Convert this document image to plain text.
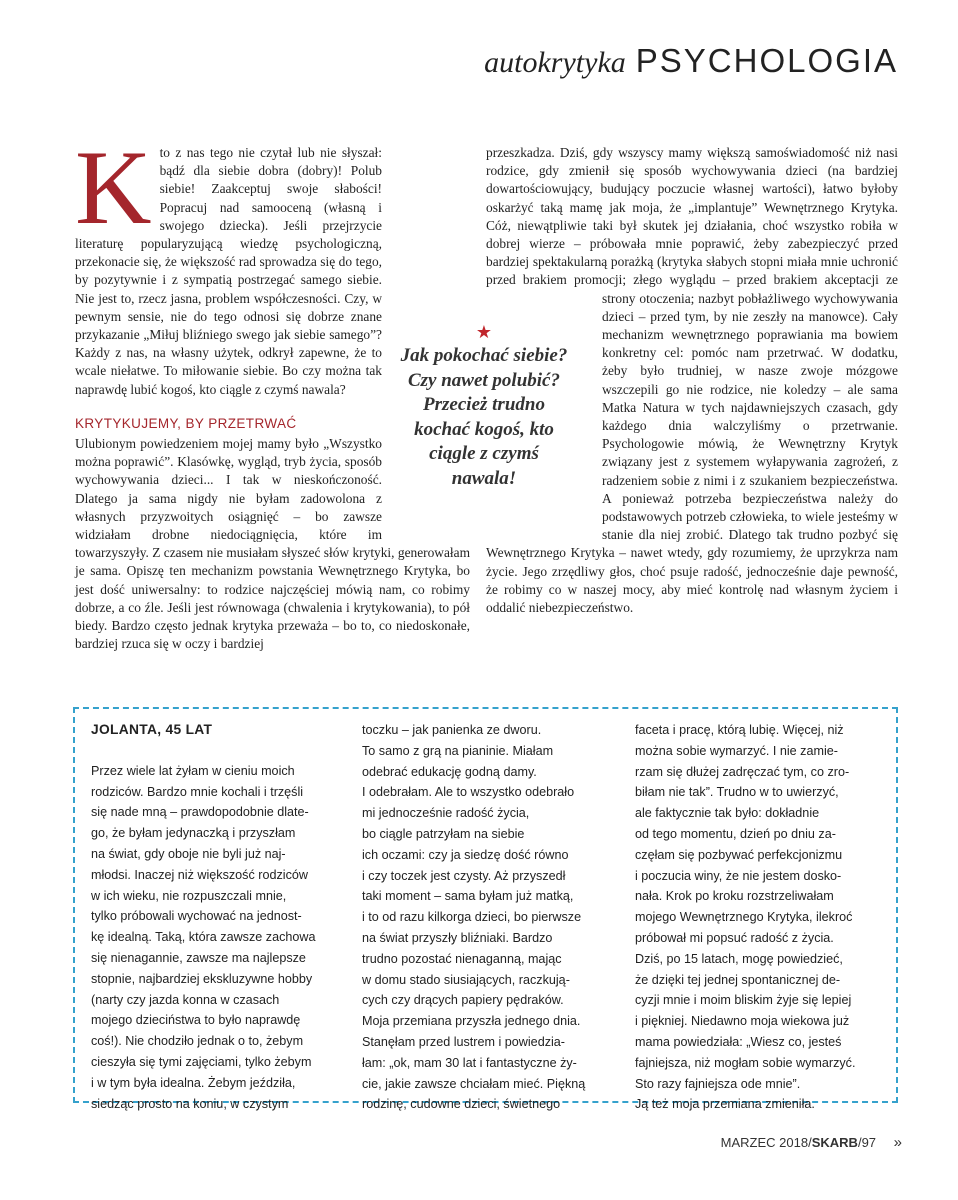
autokrytyka PSYCHOLOGIA
K to z nas tego nie czytał lub nie słyszał: bądź dla siebie dobra (dobry)! Polub siebie! Zaakceptuj swoje słabości! Popracuj nad samooceną (własną i swojego dziecka). Jeśli przejrzycie literaturę popularyzującą wiedzę psychologiczną, przekonacie się, że większość rad sprowadza się do tego, by pozytywnie i z sympatią postrzegać samego siebie. Nie jest to, rzecz jasna, problem współczesności. Czy, w pewnym sensie, nie do tego odnosi się dobrze znane przykazanie „Miłuj bliźniego swego jak siebie samego”? Każdy z nas, na własny użytek, odkrył zapewne, że to wcale niełatwe. To miłowanie siebie. Bo czy można tak naprawdę lubić kogoś, kto ciągle z czymś nawala?

KRYTYKUJEMY, BY PRZETRWAĆ

Ulubionym powiedzeniem mojej mamy było „Wszystko można poprawić”. Klasówkę, wygląd, tryb życia, sposób wychowywania dzieci... I tak w nieskończoność. Dlatego ja sama nigdy nie byłam zadowolona z własnych przyzwoitych osiągnięć – bo zawsze widziałam drobne niedociągnięcia, które im towarzyszyły. Z czasem nie musiałam słyszeć słów krytyki, generowałam je sama. Opiszę ten mechanizm powstania Wewnętrznego Krytyka, bo jest dość uniwersalny: to rodzice najczęściej mówią nam, co robimy dobrze, a co źle. Jeśli jest równowaga (chwalenia i krytykowania), to pół biedy. Bardzo często jednak krytyka przeważa – bo to, co niedoskonałe, bardziej rzuca się w oczy i bardziej

przeszkadza. Dziś, gdy wszyscy mamy większą samoświadomość niż nasi rodzice, gdy zmienił się sposób wychowywania dzieci (na bardziej dowartościowujący, budujący poczucie własnej wartości), łatwo byłoby oskarżyć taką mamę jak moja, że „implantuje” Wewnętrznego Krytyka. Cóż, niewątpliwie taki był skutek jej działania, choć wszystko robiła w dobrej wierze – próbowała mnie poprawić, żeby zabezpieczyć przed bardziej spektakularną porażką (krytyka słabych stopni miała mnie uchronić przed brakiem promocji; złego wyglądu – przed brakiem akceptacji ze strony otoczenia; nazbyt pobłażliwego wychowywania dzieci – przed tym, by nie zeszły na manowce). Cały mechanizm wewnętrznego poprawiania ma bowiem konkretny cel: pomóc nam przetrwać. W dodatku, żeby było trudniej, w nasze zwoje mózgowe wszczepili go nie rodzice, nie koledzy – ale sama Matka Natura w tych najdawniejszych czasach, gdy każdego dnia walczyliśmy o przetrwanie. Psychologowie mówią, że Wewnętrzny Krytyk związany jest z systemem wyłapywania zagrożeń, z radzeniem sobie z nimi i z szukaniem bezpieczeństwa. A ponieważ potrzeba bezpieczeństwa należy do podstawowych potrzeb człowieka, to wiele jesteśmy w stanie dla niej zrobić. Dlatego tak trudno pozbyć się Wewnętrznego Krytyka – nawet wtedy, gdy rozumiemy, że uprzykrza nam życie. Jego zrzędliwy głos, choć psuje radość, jednocześnie daje pewność, że robimy co w naszej mocy, aby mieć kontrolę nad własnym życiem i oddalić niebezpieczeństwo.

★
Jak pokochać siebie? Czy nawet polubić? Przecież trudno kochać kogoś, kto ciągle z czymś nawala!
JOLANTA, 45 LAT
Przez wiele lat żyłam w cieniu moich
rodziców. Bardzo mnie kochali i trzęśli
się nade mną – prawdopodobnie dlate-
go, że byłam jedynaczką i przyszłam
na świat, gdy oboje nie byli już naj-
młodsi. Inaczej niż większość rodziców
w ich wieku, nie rozpuszczali mnie,
tylko próbowali wychować na jednost-
kę idealną. Taką, która zawsze zachowa
się nienagannie, zawsze ma najlepsze
stopnie, najbardziej ekskluzywne hobby
(narty czy jazda konna w czasach
mojego dzieciństwa to było naprawdę
coś!). Nie chodziło jednak o to, żebym
cieszyła się tymi zajęciami, tylko żebym
i w tym była idealna. Żebym jeździła,
siedząc prosto na koniu, w czystym
toczku – jak panienka ze dworu.
To samo z grą na pianinie. Miałam
odebrać edukację godną damy.
I odebrałam. Ale to wszystko odebrało
mi jednocześnie radość życia,
bo ciągle patrzyłam na siebie
ich oczami: czy ja siedzę dość równo
i czy toczek jest czysty. Aż przyszedł
taki moment – sama byłam już matką,
i to od razu kilkorga dzieci, bo pierwsze
na świat przyszły bliźniaki. Bardzo
trudno pozostać nienaganną, mając
w domu stado siusiających, raczkują-
cych czy drących papiery pędraków.
Moja przemiana przyszła jednego dnia.
Stanęłam przed lustrem i powiedzia-
łam: „ok, mam 30 lat i fantastyczne ży-
cie, jakie zawsze chciałam mieć. Piękną
rodzinę, cudowne dzieci, świetnego
faceta i pracę, którą lubię. Więcej, niż
można sobie wymarzyć. I nie zamie-
rzam się dłużej zadręczać tym, co zro-
biłam nie tak”. Trudno w to uwierzyć,
ale faktycznie tak było: dokładnie
od tego momentu, dzień po dniu za-
częłam się pozbywać perfekcjonizmu
i poczucia winy, że nie jestem dosko-
nała. Krok po kroku rozstrzeliwałam
mojego Wewnętrznego Krytyka, ilekroć
próbował mi popsuć radość z życia.
Dziś, po 15 latach, mogę powiedzieć,
że dzięki tej jednej spontanicznej de-
cyzji mnie i moim bliskim żyje się lepiej
i piękniej. Niedawno moja wiekowa już
mama powiedziała: „Wiesz co, jesteś
fajniejsza, niż mogłam sobie wymarzyć.
Sto razy fajniejsza ode mnie”.
Ją też moja przemiana zmieniła.
MARZEC 2018/SKARB/97 »
